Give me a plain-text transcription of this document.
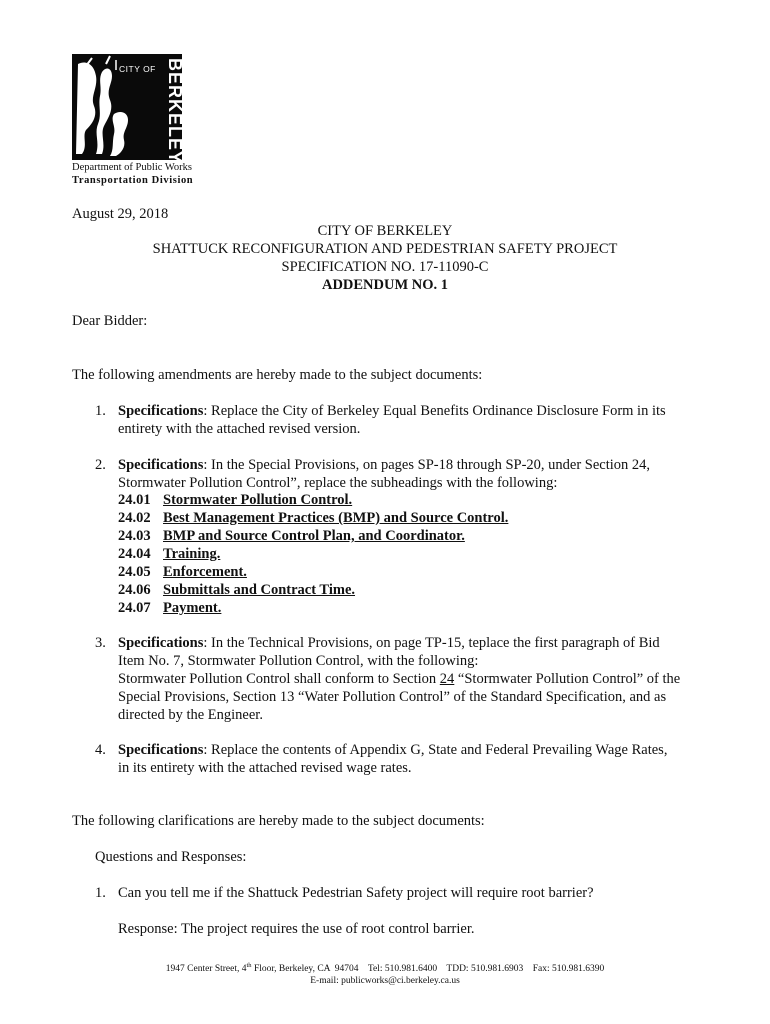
CITY OF BERKELEY
Department of Public Works
Transportation Division
August 29, 2018
CITY OF BERKELEY
SHATTUCK RECONFIGURATION AND PEDESTRIAN SAFETY PROJECT
SPECIFICATION NO. 17-11090-C
ADDENDUM NO. 1
Dear Bidder:
The following amendments are hereby made to the subject documents:
1. Specifications: Replace the City of Berkeley Equal Benefits Ordinance Disclosure Form in its
entirety with the attached revised version.
2. Specifications: In the Special Provisions, on pages SP-18 through SP-20, under Section 24,
Stormwater Pollution Control”, replace the subheadings with the following:
24.01 Stormwater Pollution Control.
24.02 Best Management Practices (BMP) and Source Control.
24.03 BMP and Source Control Plan, and Coordinator.
24.04 Training.
24.05 Enforcement.
24.06 Submittals and Contract Time.
24.07 Payment.
3. Specifications: In the Technical Provisions, on page TP-15, teplace the first paragraph of Bid
Item No. 7, Stormwater Pollution Control, with the following:
Stormwater Pollution Control shall conform to Section 24 “Stormwater Pollution Control” of the
Special Provisions, Section 13 “Water Pollution Control” of the Standard Specification, and as
directed by the Engineer.
4. Specifications: Replace the contents of Appendix G, State and Federal Prevailing Wage Rates,
in its entirety with the attached revised wage rates.
The following clarifications are hereby made to the subject documents:
Questions and Responses:
1. Can you tell me if the Shattuck Pedestrian Safety project will require root barrier?
Response: The project requires the use of root control barrier.
1947 Center Street, 4th Floor, Berkeley, CA  94704    Tel: 510.981.6400    TDD: 510.981.6903    Fax: 510.981.6390
E-mail: publicworks@ci.berkeley.ca.us
